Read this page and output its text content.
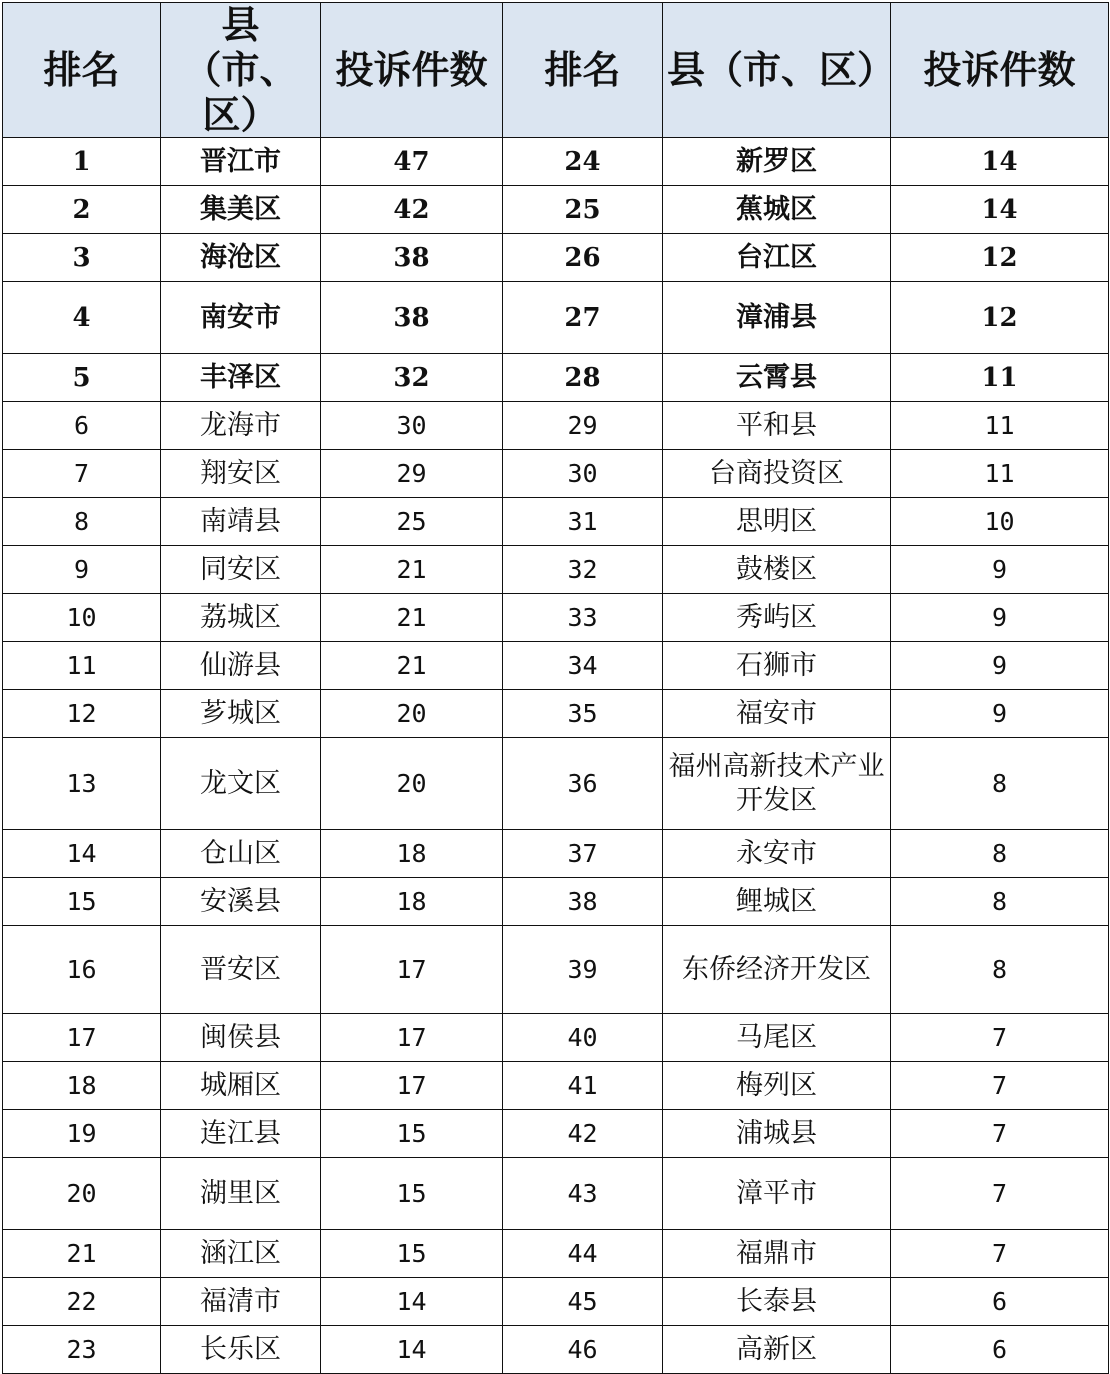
排名	县（市、区）	投诉件数	排名	县（市、区）	投诉件数
1	晋江市	47	24	新罗区	14
2	集美区	42	25	蕉城区	14
3	海沧区	38	26	台江区	12
4	南安市	38	27	漳浦县	12
5	丰泽区	32	28	云霄县	11
6	龙海市	30	29	平和县	11
7	翔安区	29	30	台商投资区	11
8	南靖县	25	31	思明区	10
9	同安区	21	32	鼓楼区	9
10	荔城区	21	33	秀屿区	9
11	仙游县	21	34	石狮市	9
12	芗城区	20	35	福安市	9
13	龙文区	20	36	福州高新技术产业开发区	8
14	仓山区	18	37	永安市	8
15	安溪县	18	38	鲤城区	8
16	晋安区	17	39	东侨经济开发区	8
17	闽侯县	17	40	马尾区	7
18	城厢区	17	41	梅列区	7
19	连江县	15	42	浦城县	7
20	湖里区	15	43	漳平市	7
21	涵江区	15	44	福鼎市	7
22	福清市	14	45	长泰县	6
23	长乐区	14	46	高新区	6
